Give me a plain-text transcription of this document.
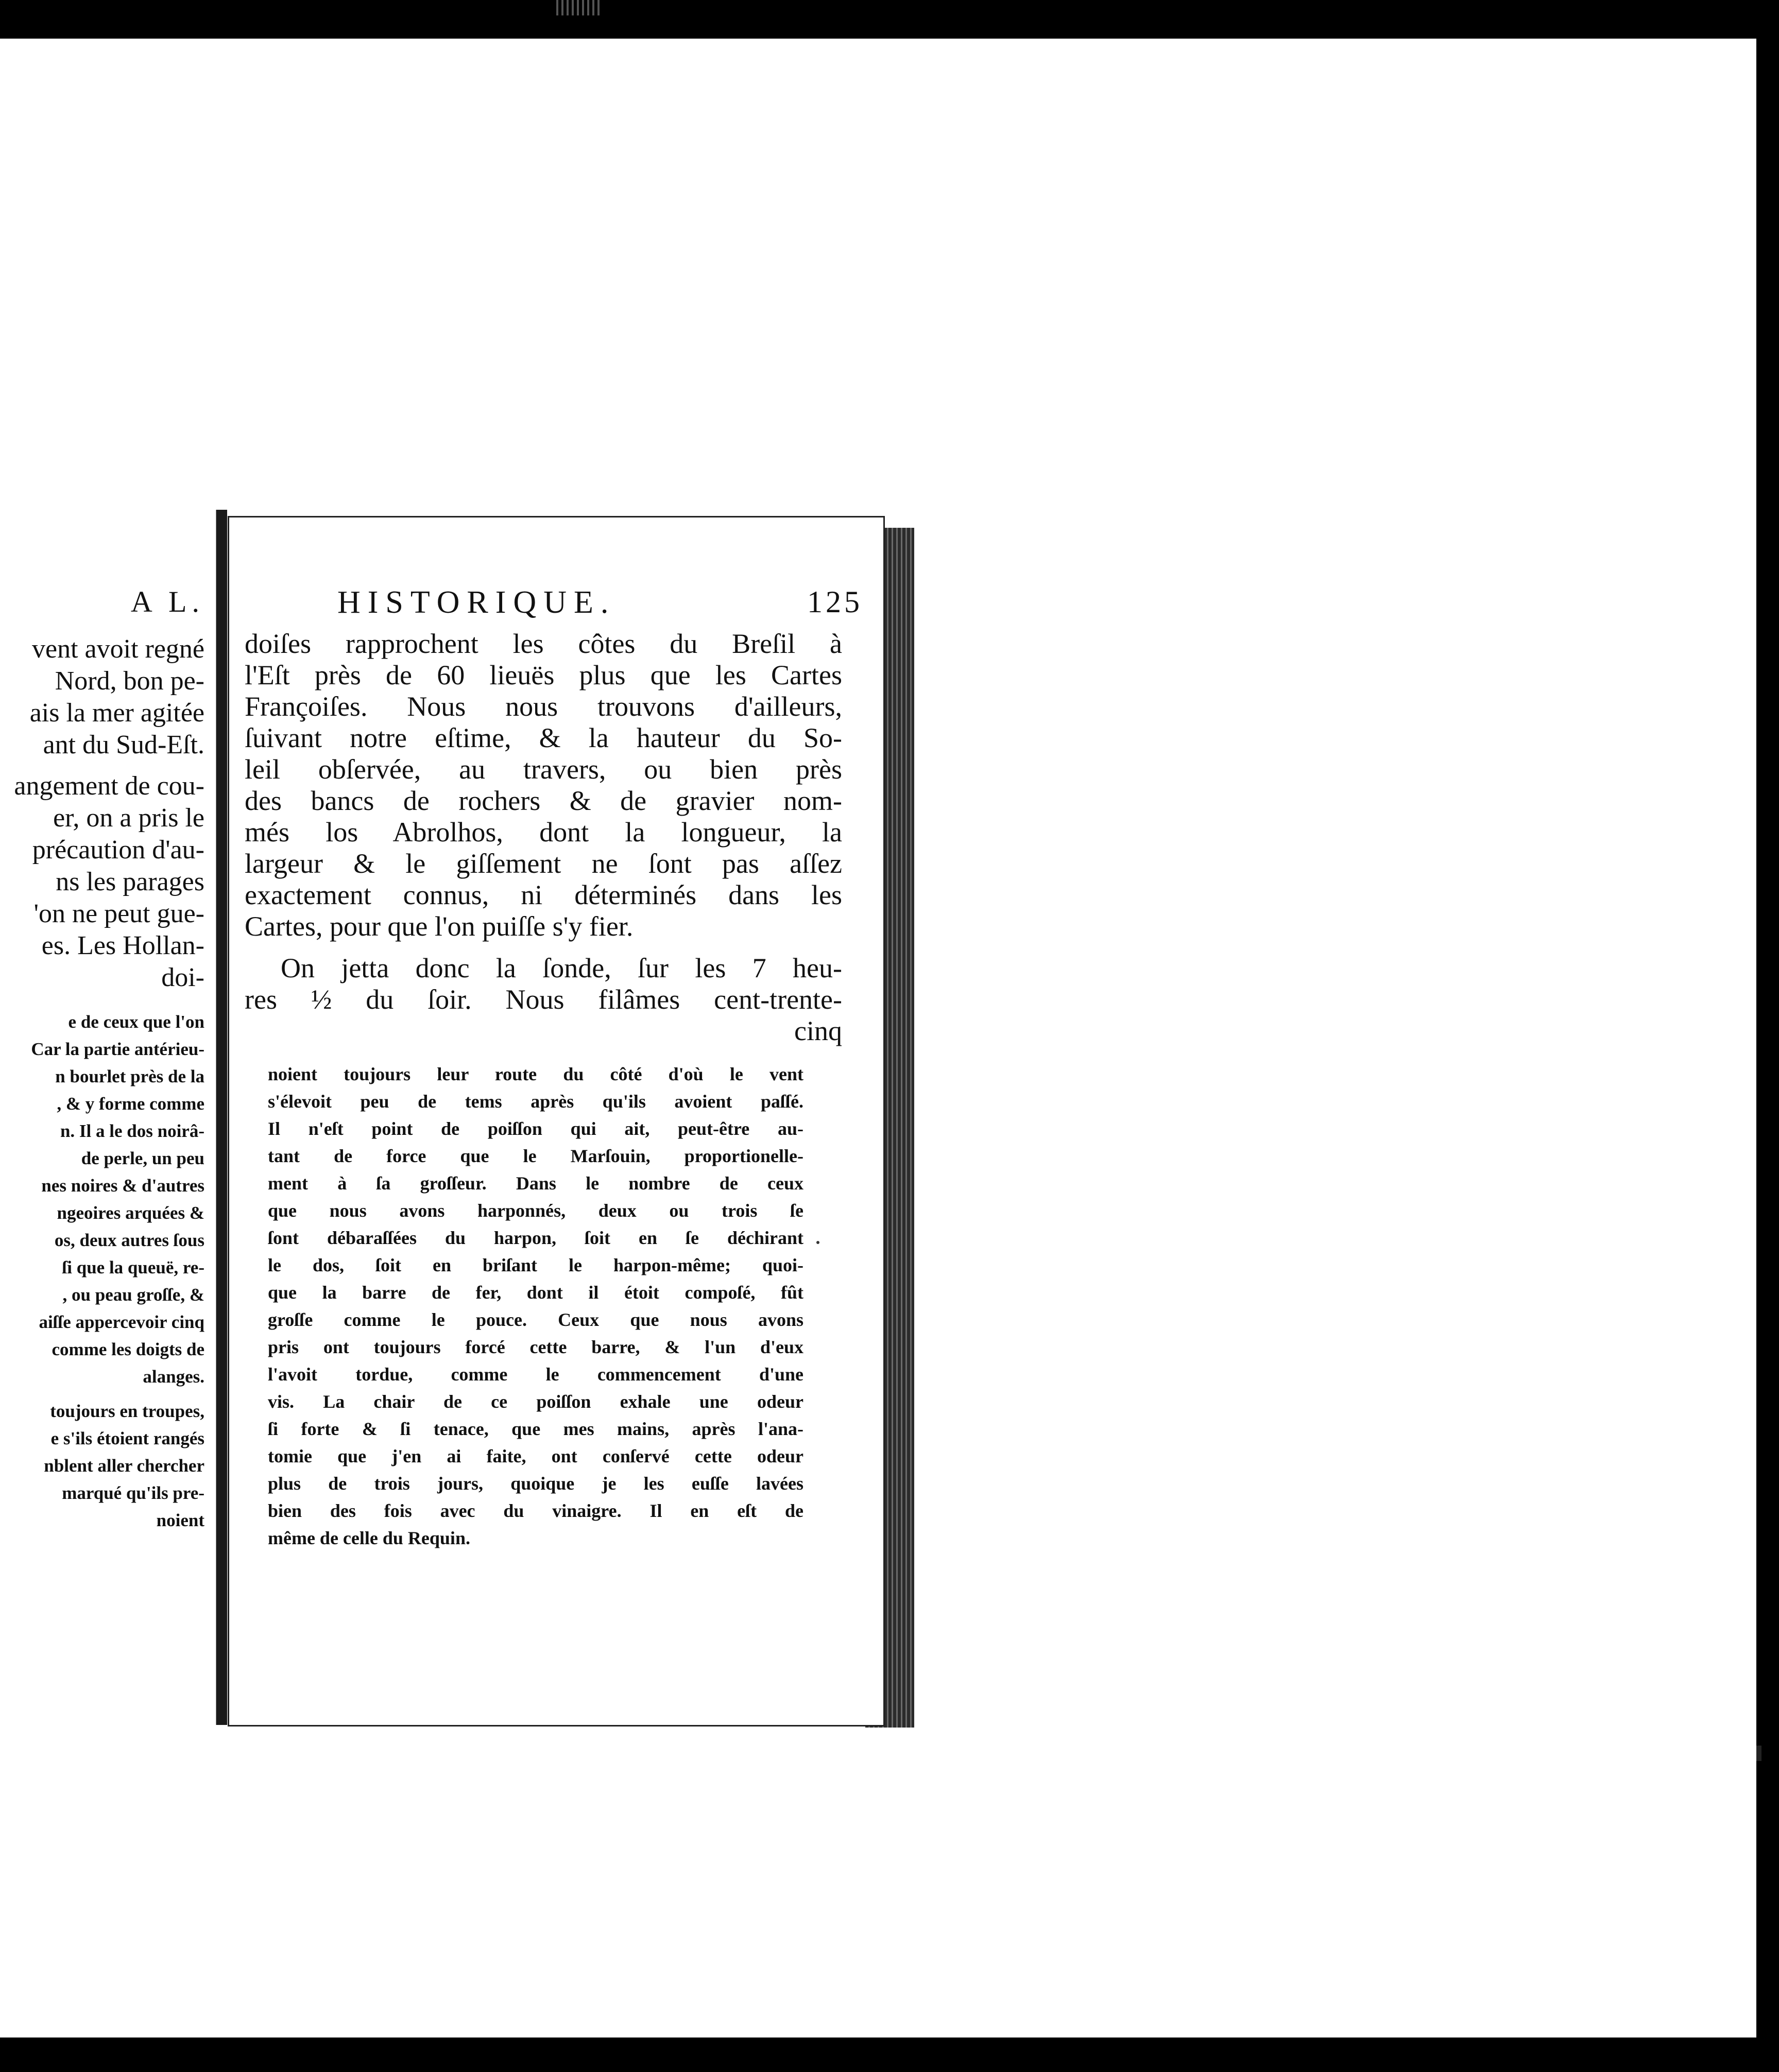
A L.

vent avoit regné

Nord, bon pe-

ais la mer agitée

ant du Sud-Eſt.

angement de cou-

er, on a pris le

précaution d'au-

ns les parages

'on ne peut gue-

es. Les Hollan-

doi-

e de ceux que l'on

Car la partie antérieu-

n bourlet près de la

, & y forme comme

n. Il a le dos noirâ-

de perle, un peu

nes noires & d'autres

ngeoires arquées &

os, deux autres ſous

ſi que la queuë, re-

, ou peau groſſe, &

aiſſe appercevoir cinq

comme les doigts de

alanges.

toujours en troupes,

e s'ils étoient rangés

nblent aller chercher

marqué qu'ils pre-

noient

HISTORIQUE.	125

doiſes rapprochent les côtes du Breſil à

l'Eſt près de 60 lieuës plus que les Cartes

Françoiſes. Nous nous trouvons d'ailleurs,

ſuivant notre eſtime, & la hauteur du So-

leil obſervée, au travers, ou bien près

des bancs de rochers & de gravier nom-

més los Abrolhos, dont la longueur, la

largeur & le giſſement ne ſont pas aſſez

exactement connus, ni déterminés dans les

Cartes, pour que l'on puiſſe s'y fier.

On jetta donc la ſonde, ſur les 7 heu-

res ½ du ſoir. Nous filâmes cent-trente-

cinq

noient toujours leur route du côté d'où le vent

s'élevoit peu de tems après qu'ils avoient paſſé.

Il n'eſt point de poiſſon qui ait, peut-être au-

tant de force que le Marſouin, proportionelle-

ment à ſa groſſeur. Dans le nombre de ceux

que nous avons harponnés, deux ou trois ſe

ſont débaraſſées du harpon, ſoit en ſe déchirant

le dos, ſoit en briſant le harpon-même; quoi-

que la barre de fer, dont il étoit compoſé, fût

groſſe comme le pouce. Ceux que nous avons

pris ont toujours forcé cette barre, & l'un d'eux

l'avoit tordue, comme le commencement d'une

vis. La chair de ce poiſſon exhale une odeur

ſi forte & ſi tenace, que mes mains, après l'ana-

tomie que j'en ai faite, ont conſervé cette odeur

plus de trois jours, quoique je les euſſe lavées

bien des fois avec du vinaigre. Il en eſt de

même de celle du Requin.
